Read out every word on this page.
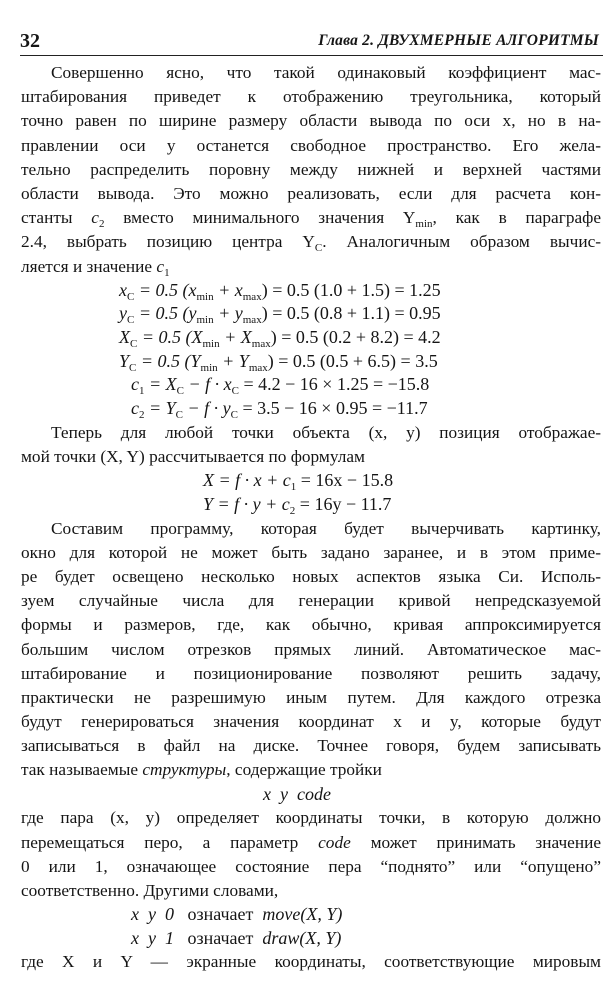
32	Глава 2. ДВУХМЕРНЫЕ АЛГОРИТМЫ
Совершенно ясно, что такой одинаковый коэффициент мас-
штабирования приведет к отображению треугольника, который
точно равен по ширине размеру области вывода по оси x, но в на-
правлении оси y останется свободное пространство. Его жела-
тельно распределить поровну между нижней и верхней частями
области вывода. Это можно реализовать, если для расчета кон-
станты $c_2$ вместо минимального значения $Y_{min}$, как в параграфе
2.4, выбрать позицию центра $Y_C$. Аналогичным образом вычис-
ляется и значение $c_1$
$x_C = 0.5$ $(x_{min} + x_{max}) = 0.5$ (1.0 + 1.5) = 1.25
$y_C = 0.5$ $(y_{min} + y_{max}) = 0.5$ (0.8 + 1.1) = 0.95
$X_C = 0.5$ $(X_{min} + X_{max}) = 0.5$ (0.2 + 8.2) = 4.2
$Y_C = 0.5$ $(Y_{min} + Y_{max}) = 0.5$ (0.5 + 6.5) = 3.5
$c_1 = X_C - f \cdot x_C = 4.2 - 16 \times 1.25 = -15.8$
$c_2 = Y_C - f \cdot y_C = 3.5 - 16 \times 0.95 = -11.7$
Теперь для любой точки объекта (x, y) позиция отображае-
мой точки (X, Y) рассчитывается по формулам
$X = f \cdot x + c_1 = 16x - 15.8$
$Y = f \cdot y + c_2 = 16y - 11.7$
Составим программу, которая будет вычерчивать картинку,
окно для которой не может быть задано заранее, и в этом приме-
ре будет освещено несколько новых аспектов языка Си. Исполь-
зуем случайные числа для генерации кривой непредсказуемой
формы и размеров, где, как обычно, кривая аппроксимируется
большим числом отрезков прямых линий. Автоматическое мас-
штабирование и позиционирование позволяют решить задачу,
практически не разрешимую иным путем. Для каждого отрезка
будут генерироваться значения координат x и y, которые будут
записываться в файл на диске. Точнее говоря, будем записывать
так называемые структуры, содержащие тройки
x  y  code
где пара (x, y) определяет координаты точки, в которую должно
перемещаться перо, а параметр code может принимать значение
0 или 1, означающее состояние пера “поднято” или “опущено”
соответственно. Другими словами,
x  y  0 означает move(X, Y)
x  y  1 означает draw(X, Y)
где X и Y — экранные координаты, соответствующие мировым
